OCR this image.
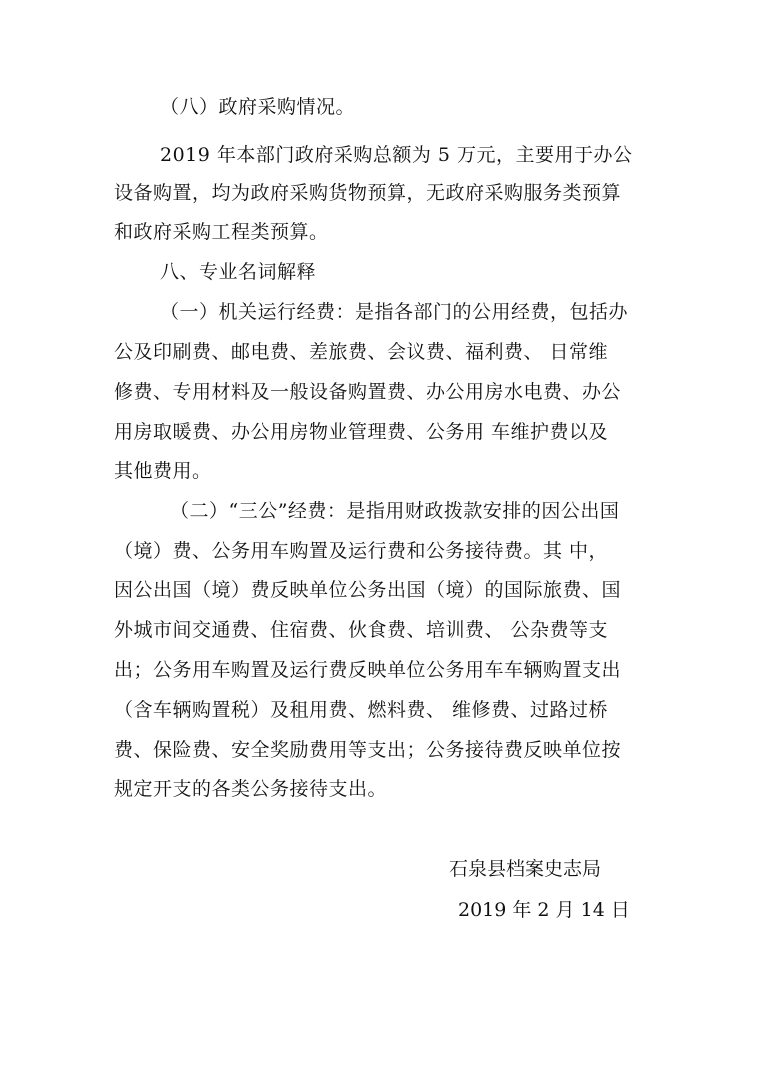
（八）政府采购情况。
2019 年本部门政府采购总额为 5 万元，主要用于办公
设备购置，均为政府采购货物预算，无政府采购服务类预算
和政府采购工程类预算。
八、专业名词解释
（一）机关运行经费：是指各部门的公用经费，包括办
公及印刷费、邮电费、差旅费、会议费、福利费、 日常维
修费、专用材料及一般设备购置费、办公用房水电费、办公
用房取暖费、办公用房物业管理费、公务用 车维护费以及
其他费用。
（二）“三公”经费：是指用财政拨款安排的因公出国
（境）费、公务用车购置及运行费和公务接待费。其 中，
因公出国（境）费反映单位公务出国（境）的国际旅费、国
外城市间交通费、住宿费、伙食费、培训费、 公杂费等支
出；公务用车购置及运行费反映单位公务用车车辆购置支出
（含车辆购置税）及租用费、燃料费、 维修费、过路过桥
费、保险费、安全奖励费用等支出；公务接待费反映单位按
规定开支的各类公务接待支出。
石泉县档案史志局
2019 年 2 月 14 日
